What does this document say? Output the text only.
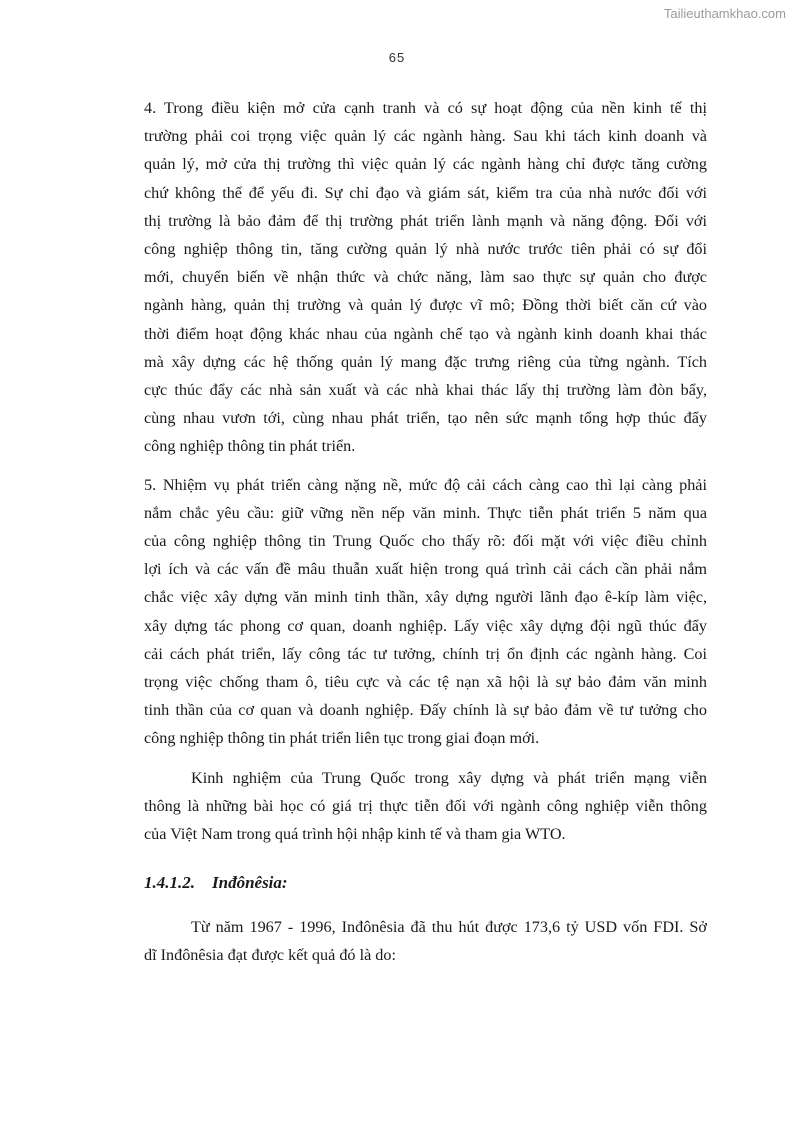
Tailieuthamkhao.com
65

4. Trong điều kiện mở cửa cạnh tranh và có sự hoạt động của nền kinh tế thị
trường phải coi trọng việc quản lý các ngành hàng. Sau khi tách kinh doanh và
quản lý, mở cửa thị trường thì việc quản lý các ngành hàng chỉ được tăng cường
chứ không thể để yếu đi. Sự chỉ đạo và giám sát, kiểm tra của nhà nước đối với
thị trường là bảo đảm để thị trường phát triển lành mạnh và năng động. Đối với
công nghiệp thông tin, tăng cường quản lý nhà nước trước tiên phải có sự đổi
mới, chuyển biến về nhận thức và chức năng, làm sao thực sự quản cho được
ngành hàng, quản thị trường và quản lý được vĩ mô; Đồng thời biết căn cứ vào
thời điểm hoạt động khác nhau của ngành chế tạo và ngành kinh doanh khai thác
mà xây dựng các hệ thống quản lý mang đặc trưng riêng của từng ngành. Tích
cực thúc đẩy các nhà sản xuất và các nhà khai thác lấy thị trường làm đòn bẩy,
cùng nhau vươn tới, cùng nhau phát triển, tạo nên sức mạnh tổng hợp thúc đẩy
công nghiệp thông tin phát triển.

5. Nhiệm vụ phát triển càng nặng nề, mức độ cải cách càng cao thì lại càng phải
nắm chắc yêu cầu: giữ vững nền nếp văn minh. Thực tiễn phát triển 5 năm qua
của công nghiệp thông tin Trung Quốc cho thấy rõ: đối mặt với việc điều chỉnh
lợi ích và các vấn đề mâu thuẫn xuất hiện trong quá trình cải cách cần phải nắm
chắc việc xây dựng văn minh tinh thần, xây dựng người lãnh đạo ê-kíp làm việc,
xây dựng tác phong cơ quan, doanh nghiệp. Lấy việc xây dựng đội ngũ thúc đẩy
cải cách phát triển, lấy công tác tư tưởng, chính trị ổn định các ngành hàng. Coi
trọng việc chống tham ô, tiêu cực và các tệ nạn xã hội là sự bảo đảm văn minh
tinh thần của cơ quan và doanh nghiệp. Đấy chính là sự bảo đảm về tư tưởng cho
công nghiệp thông tin phát triển liên tục trong giai đoạn mới.

Kinh nghiệm của Trung Quốc trong xây dựng và phát triển mạng viễn
thông là những bài học có giá trị thực tiễn đối với ngành công nghiệp viễn thông
của Việt Nam trong quá trình hội nhập kinh tế và tham gia WTO.

1.4.1.2. Inđônêsia:

Từ năm 1967 - 1996, Inđônêsia đã thu hút được 173,6 tỷ USD vốn FDI. Sở
dĩ Inđônêsia đạt được kết quả đó là do:
